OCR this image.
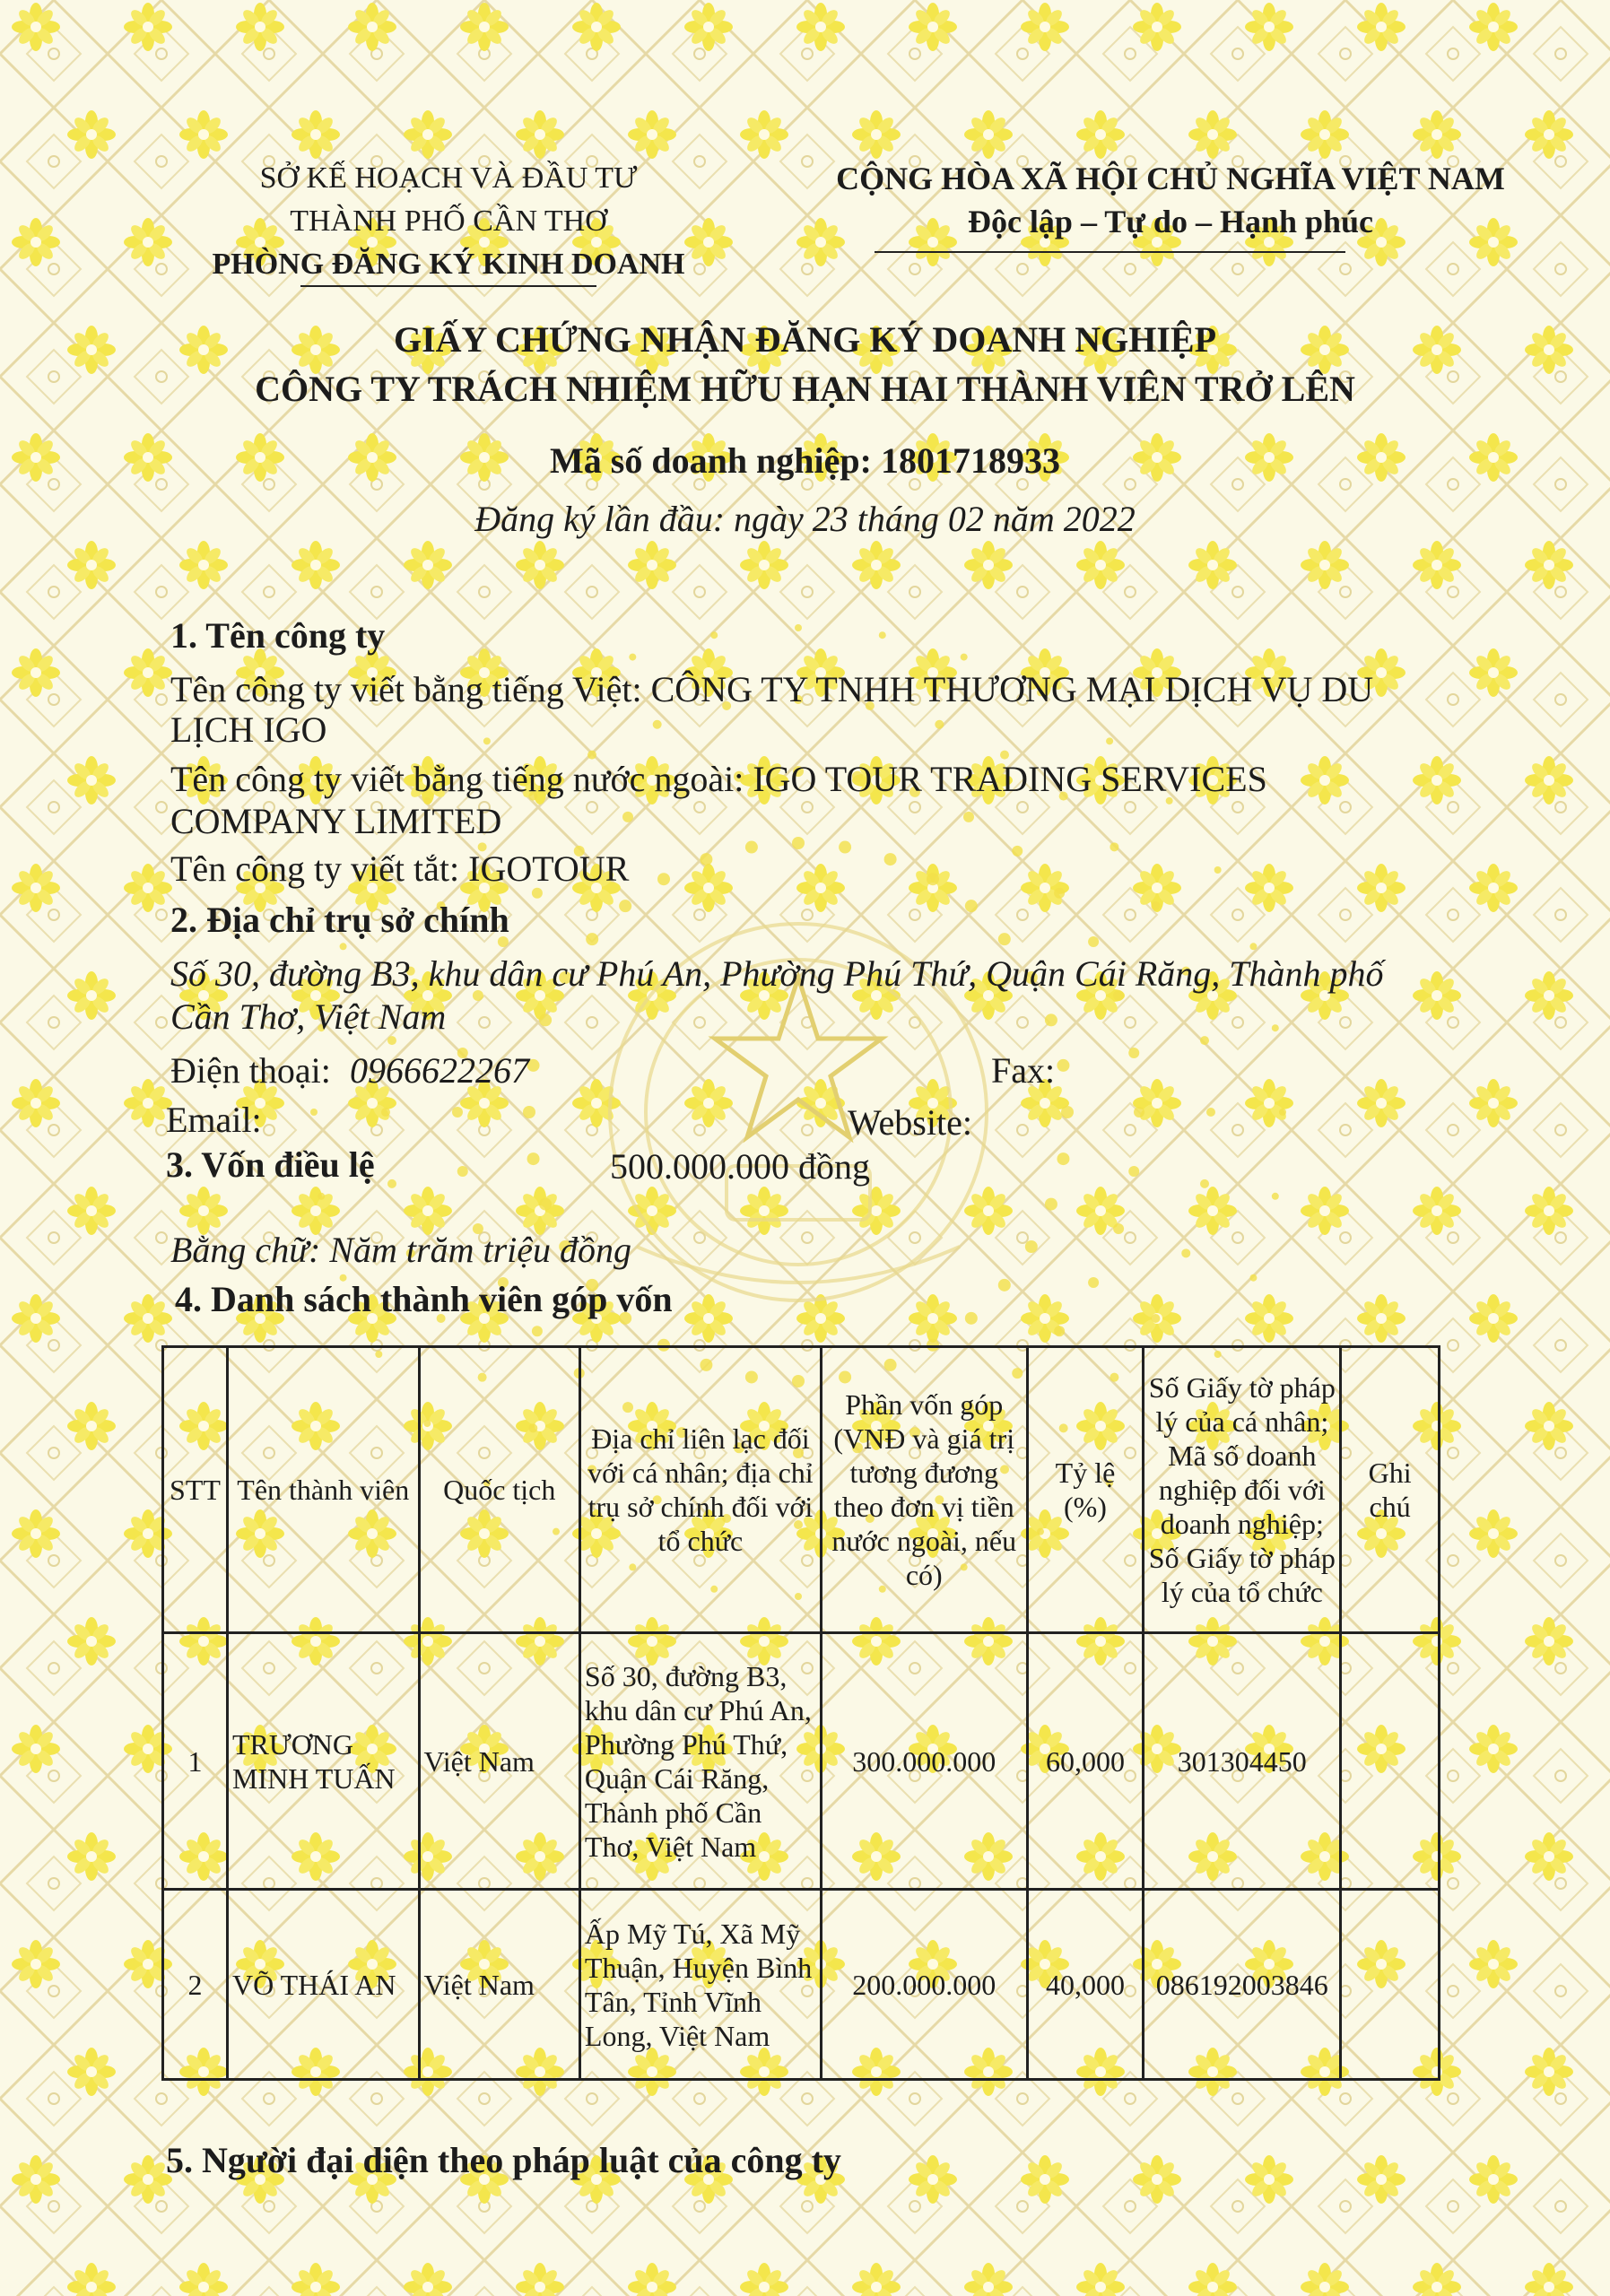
SỞ KẾ HOẠCH VÀ ĐẦU TƯ
THÀNH PHỐ CẦN THƠ
PHÒNG ĐĂNG KÝ KINH DOANH
CỘNG HÒA XÃ HỘI CHỦ NGHĨA VIỆT NAM
Độc lập – Tự do – Hạnh phúc
GIẤY CHỨNG NHẬN ĐĂNG KÝ DOANH NGHIỆP
CÔNG TY TRÁCH NHIỆM HỮU HẠN HAI THÀNH VIÊN TRỞ LÊN
Mã số doanh nghiệp: 1801718933
Đăng ký lần đầu: ngày 23 tháng 02 năm 2022
1. Tên công ty
Tên công ty viết bằng tiếng Việt: CÔNG TY TNHH THƯƠNG MẠI DỊCH VỤ DU
LỊCH IGO
Tên công ty viết bằng tiếng nước ngoài: IGO TOUR TRADING SERVICES
COMPANY LIMITED
Tên công ty viết tắt: IGOTOUR
2. Địa chỉ trụ sở chính
Số 30, đường B3, khu dân cư Phú An, Phường Phú Thứ, Quận Cái Răng, Thành phố
Cần Thơ, Việt Nam
Điện thoại: 0966622267	Fax:
Email:	Website:
3. Vốn điều lệ	500.000.000 đồng
Bằng chữ: Năm trăm triệu đồng
4. Danh sách thành viên góp vốn
STT	Tên thành viên	Quốc tịch	Địa chỉ liên lạc đối với cá nhân; địa chỉ trụ sở chính đối với tổ chức	Phần vốn góp (VNĐ và giá trị tương đương theo đơn vị tiền nước ngoài, nếu có)	Tỷ lệ (%)	Số Giấy tờ pháp lý của cá nhân; Mã số doanh nghiệp đối với doanh nghiệp; Số Giấy tờ pháp lý của tổ chức	Ghi chú
1	TRƯƠNG MINH TUẤN	Việt Nam	Số 30, đường B3, khu dân cư Phú An, Phường Phú Thứ, Quận Cái Răng, Thành phố Cần Thơ, Việt Nam	300.000.000	60,000	301304450	
2	VÕ THÁI AN	Việt Nam	Ấp Mỹ Tú, Xã Mỹ Thuận, Huyện Bình Tân, Tỉnh Vĩnh Long, Việt Nam	200.000.000	40,000	086192003846	
5. Người đại diện theo pháp luật của công ty
